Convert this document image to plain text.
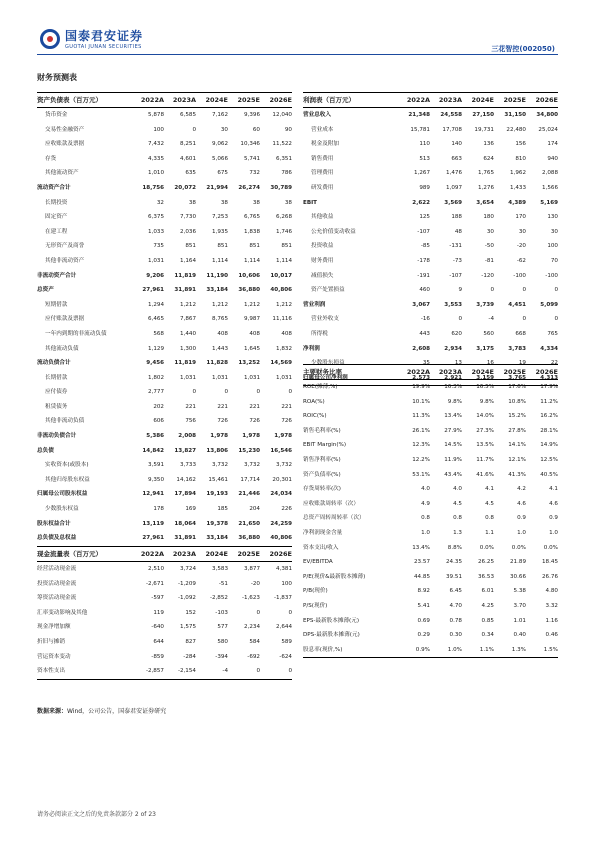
国泰君安证券
GUOTAI JUNAN SECURITIES	三花智控(002050)
财务预测表
资产负债表（百万元）	2022A	2023A	2024E	2025E	2026E
货币资金	5,878	6,585	7,162	9,396	12,040
交易性金融资产	100	0	30	60	90
应收账款及票据	7,432	8,251	9,062	10,346	11,522
存货	4,335	4,601	5,066	5,741	6,351
其他流动资产	1,010	635	675	732	786
流动资产合计	18,756	20,072	21,994	26,274	30,789
长期投资	32	38	38	38	38
固定资产	6,375	7,730	7,253	6,765	6,268
在建工程	1,033	2,036	1,935	1,838	1,746
无形资产及商誉	735	851	851	851	851
其他非流动资产	1,031	1,164	1,114	1,114	1,114
非流动资产合计	9,206	11,819	11,190	10,606	10,017
总资产	27,961	31,891	33,184	36,880	40,806
短期借款	1,294	1,212	1,212	1,212	1,212
应付账款及票据	6,465	7,867	8,765	9,987	11,116
一年内到期的非流动负债	568	1,440	408	408	408
其他流动负债	1,129	1,300	1,443	1,645	1,832
流动负债合计	9,456	11,819	11,828	13,252	14,569
长期借款	1,802	1,031	1,031	1,031	1,031
应付债券	2,777	0	0	0	0
租赁债务	202	221	221	221	221
其他非流动负债	606	756	726	726	726
非流动负债合计	5,386	2,008	1,978	1,978	1,978
总负债	14,842	13,827	13,806	15,230	16,546
实收资本(或股本)	3,591	3,733	3,732	3,732	3,732
其他归母股东权益	9,350	14,162	15,461	17,714	20,301
归属母公司股东权益	12,941	17,894	19,193	21,446	24,034
少数股东权益	178	169	185	204	226
股东权益合计	13,119	18,064	19,378	21,650	24,259
总负债及总权益	27,961	31,891	33,184	36,880	40,806
利润表（百万元）	2022A	2023A	2024E	2025E	2026E
营业总收入	21,348	24,558	27,150	31,150	34,800
营业成本	15,781	17,708	19,731	22,480	25,024
税金及附加	110	140	136	156	174
销售费用	513	663	624	810	940
管理费用	1,267	1,476	1,765	1,962	2,088
研发费用	989	1,097	1,276	1,433	1,566
EBIT	2,622	3,569	3,654	4,389	5,169
其他收益	125	188	180	170	130
公允价值变动收益	-107	48	30	30	30
投资收益	-85	-131	-50	-20	100
财务费用	-178	-73	-81	-62	70
减值损失	-191	-107	-120	-100	-100
资产处置损益	460	9	0	0	0
营业利润	3,067	3,553	3,739	4,451	5,099
营业外收支	-16	0	-4	0	0
所得税	443	620	560	668	765
净利润	2,608	2,934	3,175	3,783	4,334
少数股东损益	35	13	16	19	22
归属母公司净利润	2,573	2,921	3,159	3,765	4,313
主要财务比率	2022A	2023A	2024E	2025E	2026E
ROE(摊薄,%)	19.9%	16.3%	16.5%	17.6%	17.9%
ROA(%)	10.1%	9.8%	9.8%	10.8%	11.2%
ROIC(%)	11.3%	13.4%	14.0%	15.2%	16.2%
销售毛利率(%)	26.1%	27.9%	27.3%	27.8%	28.1%
EBIT Margin(%)	12.3%	14.5%	13.5%	14.1%	14.9%
销售净利率(%)	12.2%	11.9%	11.7%	12.1%	12.5%
资产负债率(%)	53.1%	43.4%	41.6%	41.3%	40.5%
存货周转率(次)	4.0	4.0	4.1	4.2	4.1
应收账款周转率（次）	4.9	4.5	4.5	4.6	4.6
总资产周转周转率（次）	0.8	0.8	0.8	0.9	0.9
净利润现金含量	1.0	1.3	1.1	1.0	1.0
资本支出/收入	13.4%	8.8%	0.0%	0.0%	0.0%
EV/EBITDA	23.57	24.35	26.25	21.89	18.45
P/E(现价&最新股本摊薄)	44.85	39.51	36.53	30.66	26.76
P/B(现价)	8.92	6.45	6.01	5.38	4.80
P/S(现价)	5.41	4.70	4.25	3.70	3.32
EPS-最新股本摊薄(元)	0.69	0.78	0.85	1.01	1.16
DPS-最新股本摊薄(元)	0.29	0.30	0.34	0.40	0.46
股息率(现价,%)	0.9%	1.0%	1.1%	1.3%	1.5%
现金流量表（百万元）	2022A	2023A	2024E	2025E	2026E
经营活动现金流	2,510	3,724	3,583	3,877	4,381
投资活动现金流	-2,671	-1,209	-51	-20	100
筹资活动现金流	-597	-1,092	-2,852	-1,623	-1,837
汇率变动影响及其他	119	152	-103	0	0
现金净增加额	-640	1,575	577	2,234	2,644
折旧与摊销	644	827	580	584	589
营运资本变动	-859	-284	-394	-692	-624
资本性支出	-2,857	-2,154	-4	0	0
数据来源：Wind，公司公告，国泰君安证券研究
请务必阅读正文之后的免责条款部分 2 of 23
